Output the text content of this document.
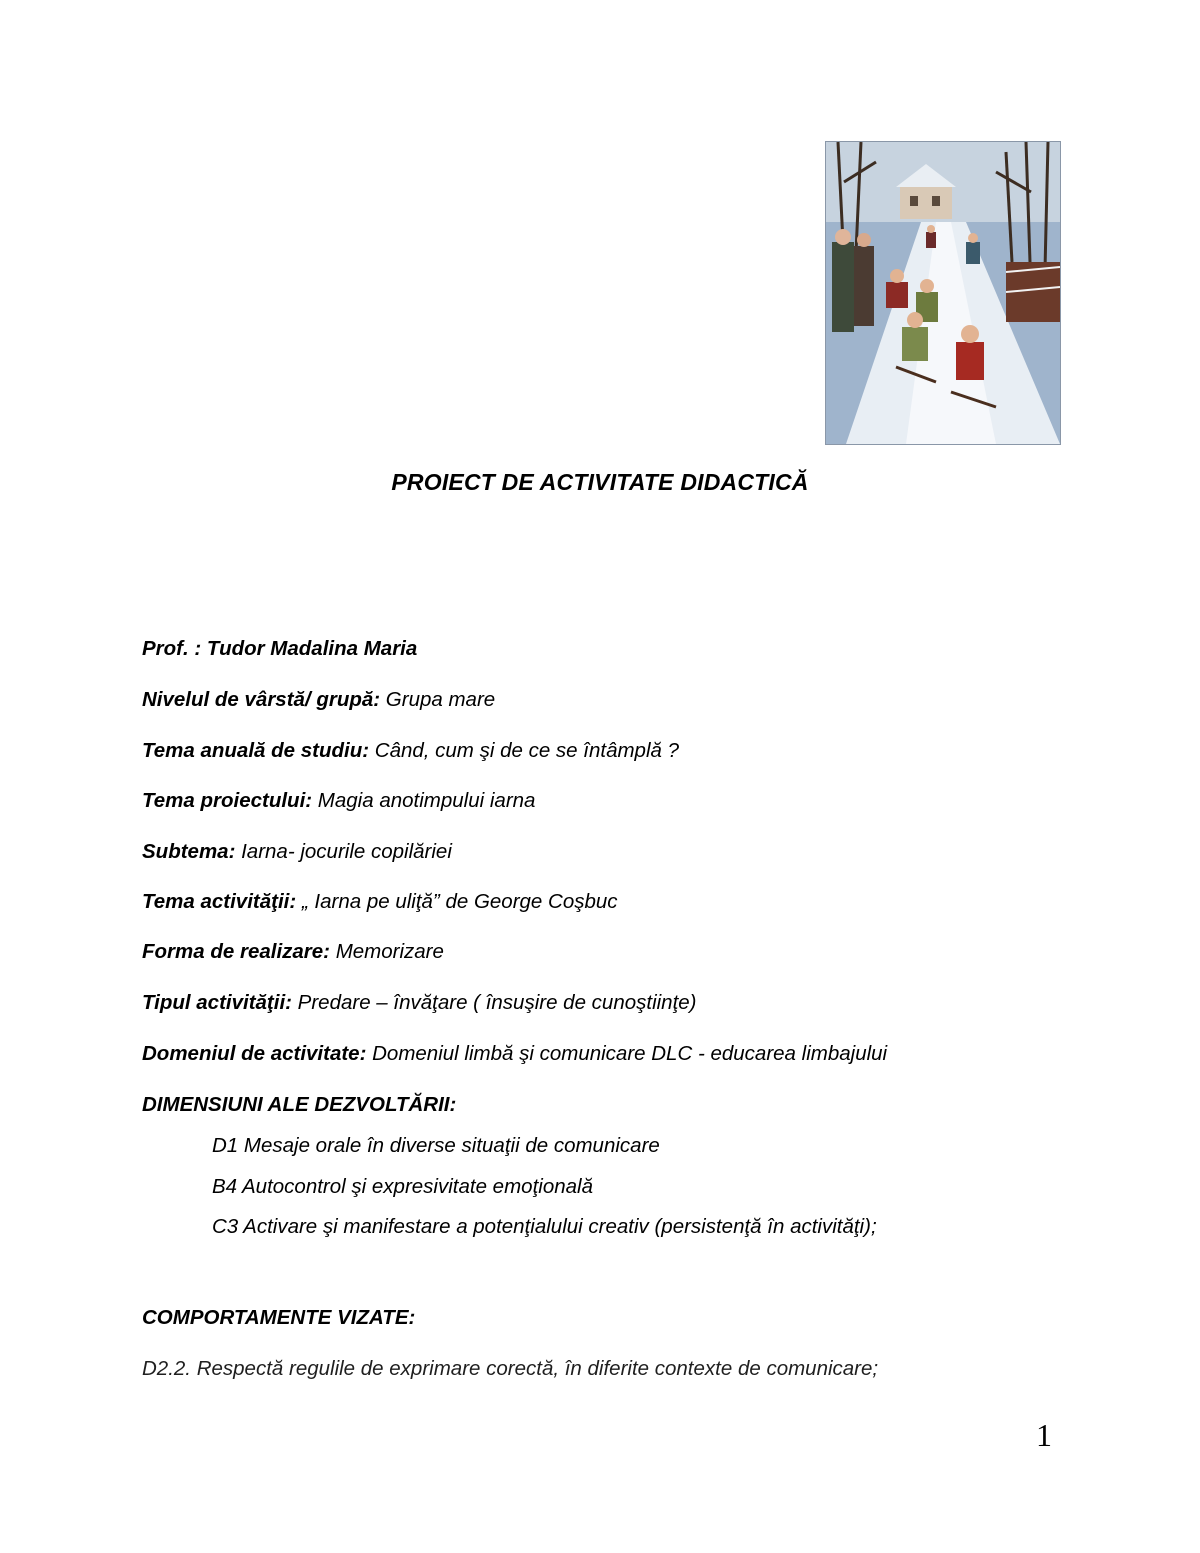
PROIECT DE ACTIVITATE DIDACTICĂ
Prof. : Tudor Madalina Maria
Nivelul de vârstă/ grupă: Grupa mare
Tema anuală de studiu: Când, cum şi de ce se întâmplă ?
Tema proiectului: Magia anotimpului iarna
Subtema: Iarna- jocurile copilăriei
Tema activităţii: „ Iarna pe uliţă” de George Coşbuc
Forma de realizare: Memorizare
Tipul activităţii: Predare – învăţare ( însuşire de cunoştiinţe)
Domeniul de activitate: Domeniul limbă şi comunicare DLC - educarea limbajului
DIMENSIUNI ALE DEZVOLTĂRII:
D1 Mesaje orale în diverse situaţii de comunicare
B4 Autocontrol şi expresivitate emoţională
C3 Activare şi manifestare a potenţialului creativ (persistenţă în activităţi);
COMPORTAMENTE VIZATE:
D2.2. Respectă regulile de exprimare corectă, în diferite contexte de comunicare;
1
